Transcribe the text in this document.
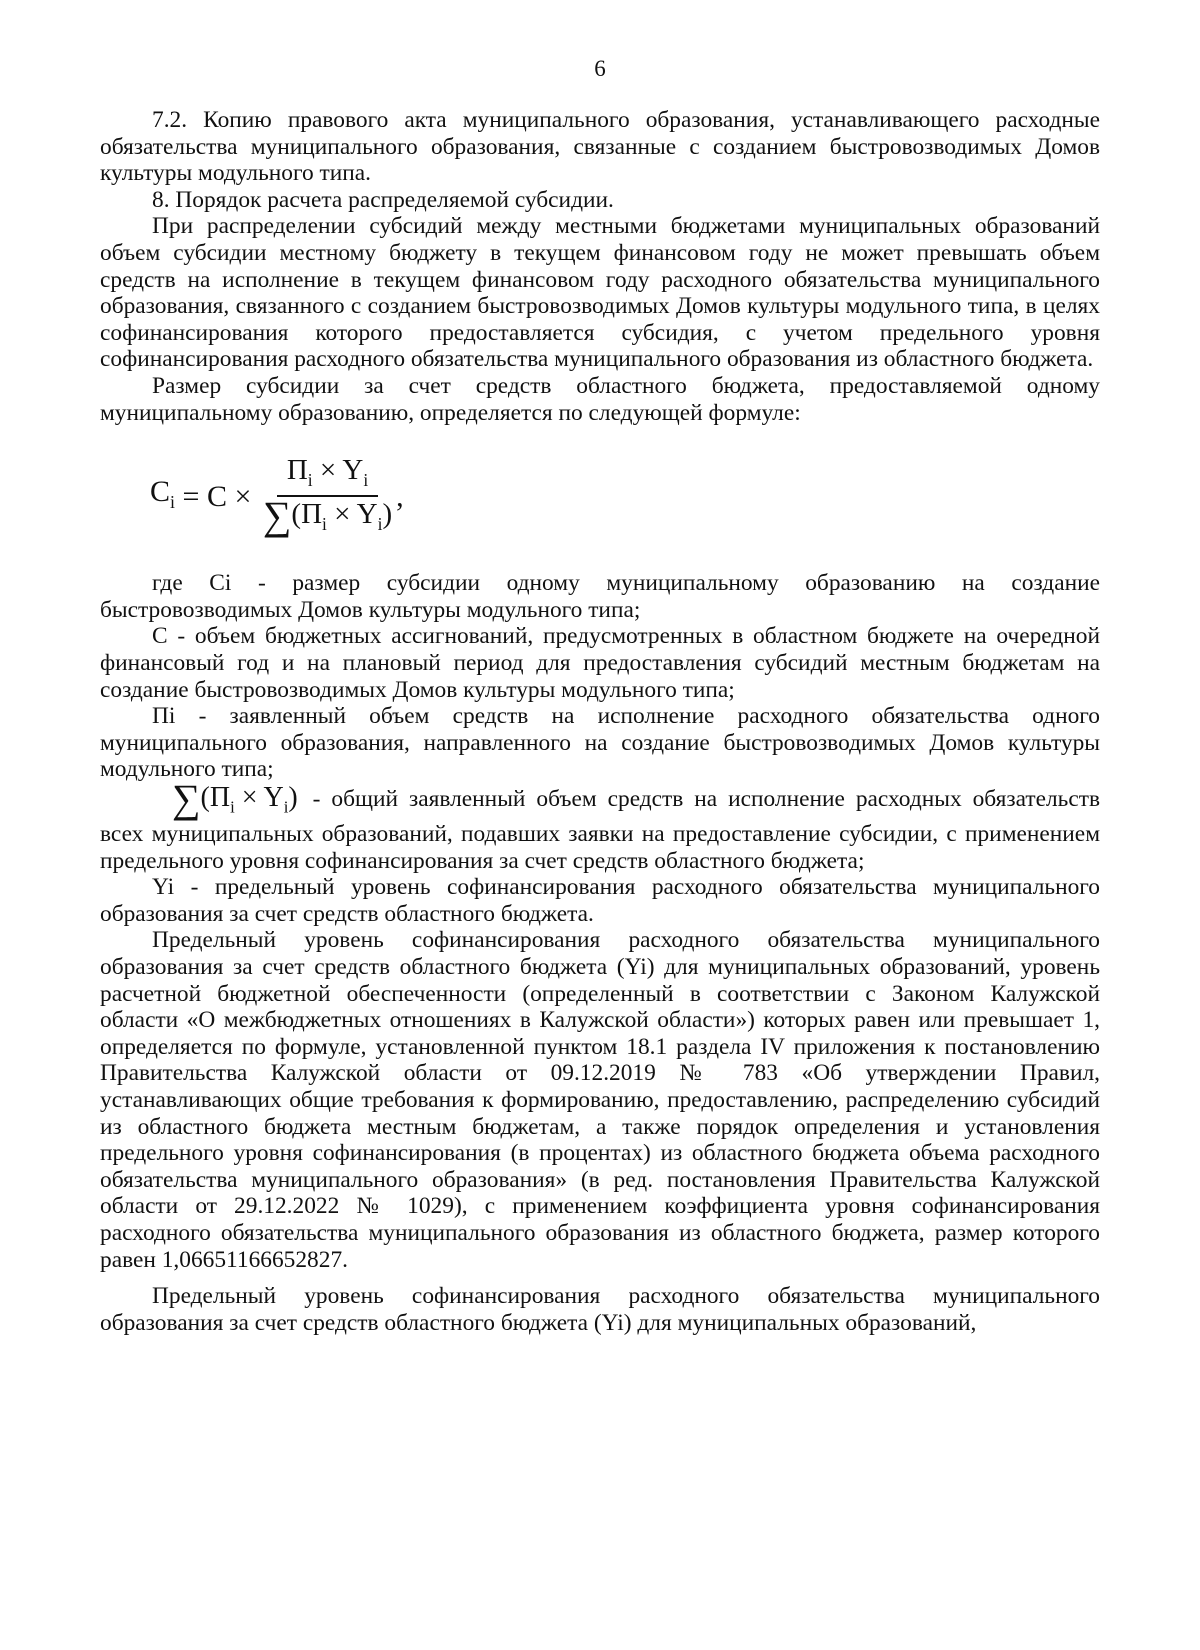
6

7.2. Копию правового акта муниципального образования, устанавливающего расходные обязательства муниципального образования, связанные с созданием быстровозводимых Домов культуры модульного типа.

8. Порядок расчета распределяемой субсидии.

При распределении субсидий между местными бюджетами муниципальных образований объем субсидии местному бюджету в текущем финансовом году не может превышать объем средств на исполнение в текущем финансовом году расходного обязательства муниципального образования, связанного с созданием быстровозводимых Домов культуры модульного типа, в целях софинансирования которого предоставляется субсидия, с учетом предельного уровня софинансирования расходного обязательства муниципального образования из областного бюджета.

Размер субсидии за счет средств областного бюджета, предоставляемой одному муниципальному образованию, определяется по следующей формуле:

$C_i = C \times \frac{П_i \times Y_i}{\sum(П_i \times Y_i)}$ ,

где Ci - размер субсидии одному муниципальному образованию на создание быстровозводимых Домов культуры модульного типа;

С - объем бюджетных ассигнований, предусмотренных в областном бюджете на очередной финансовый год и на плановый период для предоставления субсидий местным бюджетам на создание быстровозводимых Домов культуры модульного типа;

Пi - заявленный объем средств на исполнение расходного обязательства одного муниципального образования, направленного на создание быстровозводимых Домов культуры модульного типа;

$\sum(П_i \times Y_i)$ - общий заявленный объем средств на исполнение расходных обязательств всех муниципальных образований, подавших заявки на предоставление субсидии, с применением предельного уровня софинансирования за счет средств областного бюджета;

Yi - предельный уровень софинансирования расходного обязательства муниципального образования за счет средств областного бюджета.

Предельный уровень софинансирования расходного обязательства муниципального образования за счет средств областного бюджета (Yi) для муниципальных образований, уровень расчетной бюджетной обеспеченности (определенный в соответствии с Законом Калужской области «О межбюджетных отношениях в Калужской области») которых равен или превышает 1, определяется по формуле, установленной пунктом 18.1 раздела IV приложения к постановлению Правительства Калужской области от 09.12.2019 № 783 «Об утверждении Правил, устанавливающих общие требования к формированию, предоставлению, распределению субсидий из областного бюджета местным бюджетам, а также порядок определения и установления предельного уровня софинансирования (в процентах) из областного бюджета объема расходного обязательства муниципального образования» (в ред. постановления Правительства Калужской области от 29.12.2022 № 1029), с применением коэффициента уровня софинансирования расходного обязательства муниципального образования из областного бюджета, размер которого равен 1,06651166652827.

Предельный уровень софинансирования расходного обязательства муниципального образования за счет средств областного бюджета (Yi) для муниципальных образований,
